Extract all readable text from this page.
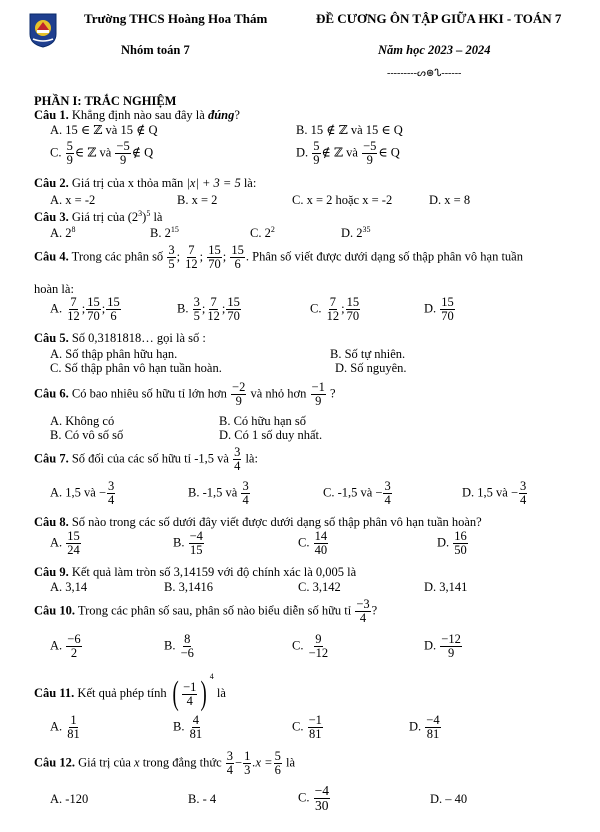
Trường THCS Hoàng Hoa Thám
Nhóm toán 7
ĐỀ CƯƠNG ÔN TẬP GIỮA HKI - TOÁN 7
Năm học 2023 – 2024
---------ᔕ⊛ᔐ------
PHẦN I: TRẮC NGHIỆM
Câu 1. Khẳng định nào sau đây là đúng?
A. 15 ∈ ℤ và 15 ∉ Q	B. 15 ∉ ℤ và 15 ∈ Q
C. $\frac{5}{9}$ ∈ ℤ và $\frac{-5}{9}$ ∉ Q	D. $\frac{5}{9}$ ∉ ℤ và $\frac{-5}{9}$ ∈ Q
Câu 2. Giá trị của x thỏa mãn |x| + 3 = 5 là:
A. x = -2	B. x = 2	C. x = 2 hoặc x = -2	D. x = 8
Câu 3. Giá trị của $(2^3)^5$ là
A. $2^8$	B. $2^{15}$	C. $2^2$	D. $2^{35}$
Câu 4. Trong các phân số $\frac{3}{5}$ ; $\frac{7}{12}$ ; $\frac{15}{70}$ ; $\frac{15}{6}$ . Phân số viết được dưới dạng số thập phân vô hạn tuần
hoàn là:
A. $\frac{7}{12}$ ; $\frac{15}{70}$ ; $\frac{15}{6}$	B. $\frac{3}{5}$ ; $\frac{7}{12}$ ; $\frac{15}{70}$	C. $\frac{7}{12}$ ; $\frac{15}{70}$	D. $\frac{15}{70}$
Câu 5. Số 0,3181818… gọi là số :
A. Số thập phân hữu hạn.	B. Số tự nhiên.
C. Số thập phân vô hạn tuần hoàn.	D. Số nguyên.
Câu 6. Có bao nhiêu số hữu tỉ lớn hơn $\frac{-2}{9}$ và nhỏ hơn $\frac{-1}{9}$ ?
A. Không có	B. Có hữu hạn số
B. Có vô số số	D. Có 1 số duy nhất.
Câu 7. Số đối của các số hữu tỉ -1,5 và $\frac{3}{4}$ là:
A. 1,5 và − $\frac{3}{4}$	B. -1,5 và $\frac{3}{4}$	C. -1,5 và − $\frac{3}{4}$	D. 1,5 và − $\frac{3}{4}$
Câu 8. Số nào trong các số dưới đây viết được dưới dạng số thập phân vô hạn tuần hoàn?
A. $\frac{15}{24}$	B. $\frac{-4}{15}$	C. $\frac{14}{40}$	D. $\frac{16}{50}$
Câu 9. Kết quả làm tròn số 3,14159 với độ chính xác là 0,005 là
A. 3,14	B. 3,1416	C. 3,142	D. 3,141
Câu 10. Trong các phân số sau, phân số nào biểu diễn số hữu tỉ $\frac{-3}{4}$ ?
A. $\frac{-6}{2}$	B. $\frac{8}{-6}$	C. $\frac{9}{-12}$	D. $\frac{-12}{9}$
Câu 11. Kết quả phép tính ( $\frac{-1}{4}$ ) $^4$ là
A. $\frac{1}{81}$	B. $\frac{4}{81}$	C. $\frac{-1}{81}$	D. $\frac{-4}{81}$
Câu 12. Giá trị của x trong đẳng thức $\frac{3}{4} - \frac{1}{3} .x = \frac{5}{6}$ là
A. -120	B. - 4	C. $\frac{-4}{30}$	D. – 40
